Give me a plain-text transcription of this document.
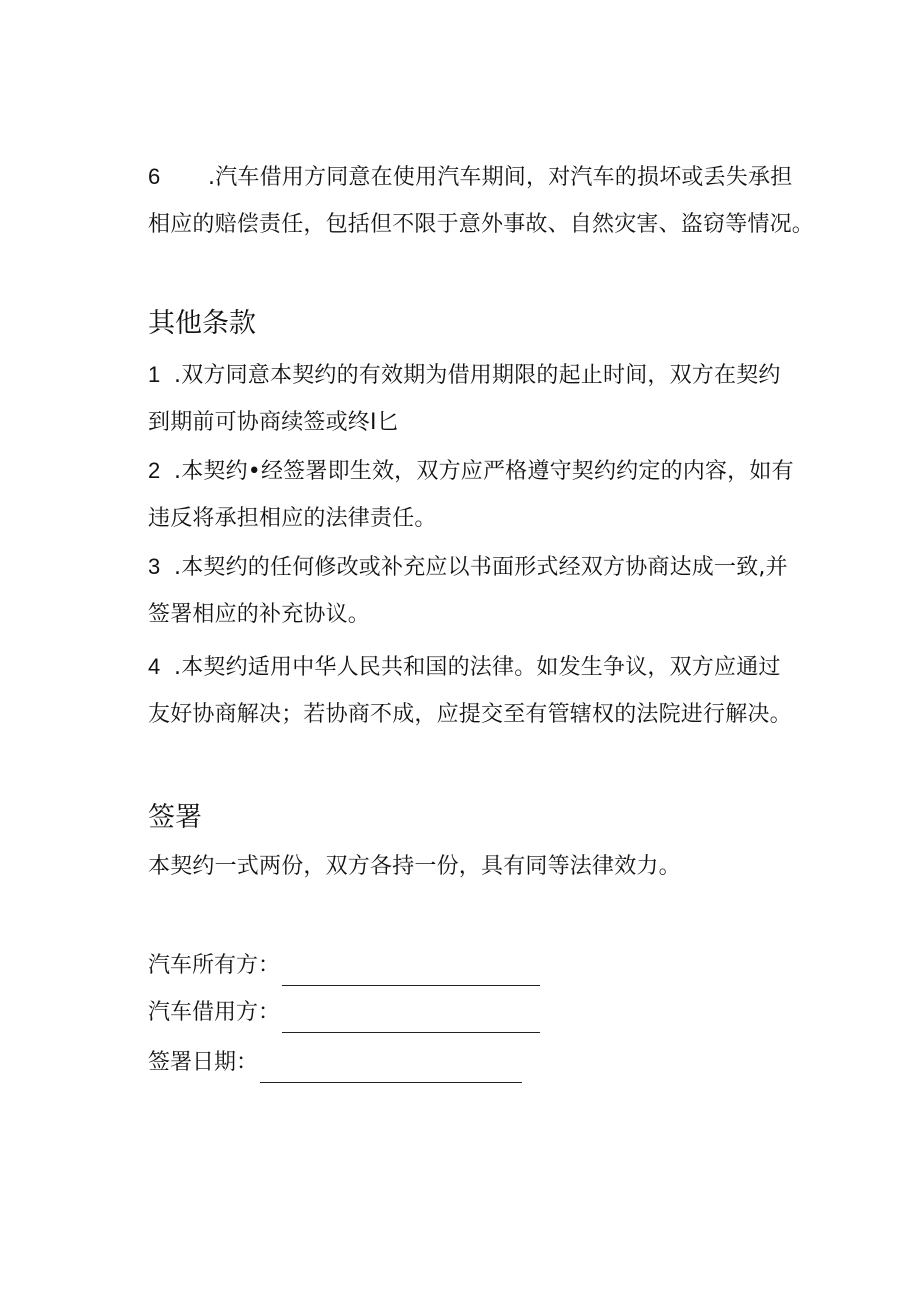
6 .汽车借用方同意在使用汽车期间，对汽车的损坏或丢失承担
相应的赔偿责任，包括但不限于意外事故、自然灾害、盗窃等情况。
其他条款
1 .双方同意本契约的有效期为借用期限的起止时间，双方在契约
到期前可协商续签或终I匕
2 .本契约•经签署即生效，双方应严格遵守契约约定的内容，如有
违反将承担相应的法律责任。
3 .本契约的任何修改或补充应以书面形式经双方协商达成一致,并
签署相应的补充协议。
4 .本契约适用中华人民共和国的法律。如发生争议，双方应通过
友好协商解决；若协商不成，应提交至有管辖权的法院进行解决。
签署
本契约一式两份，双方各持一份，具有同等法律效力。
汽车所有方：
汽车借用方：
签署日期：
